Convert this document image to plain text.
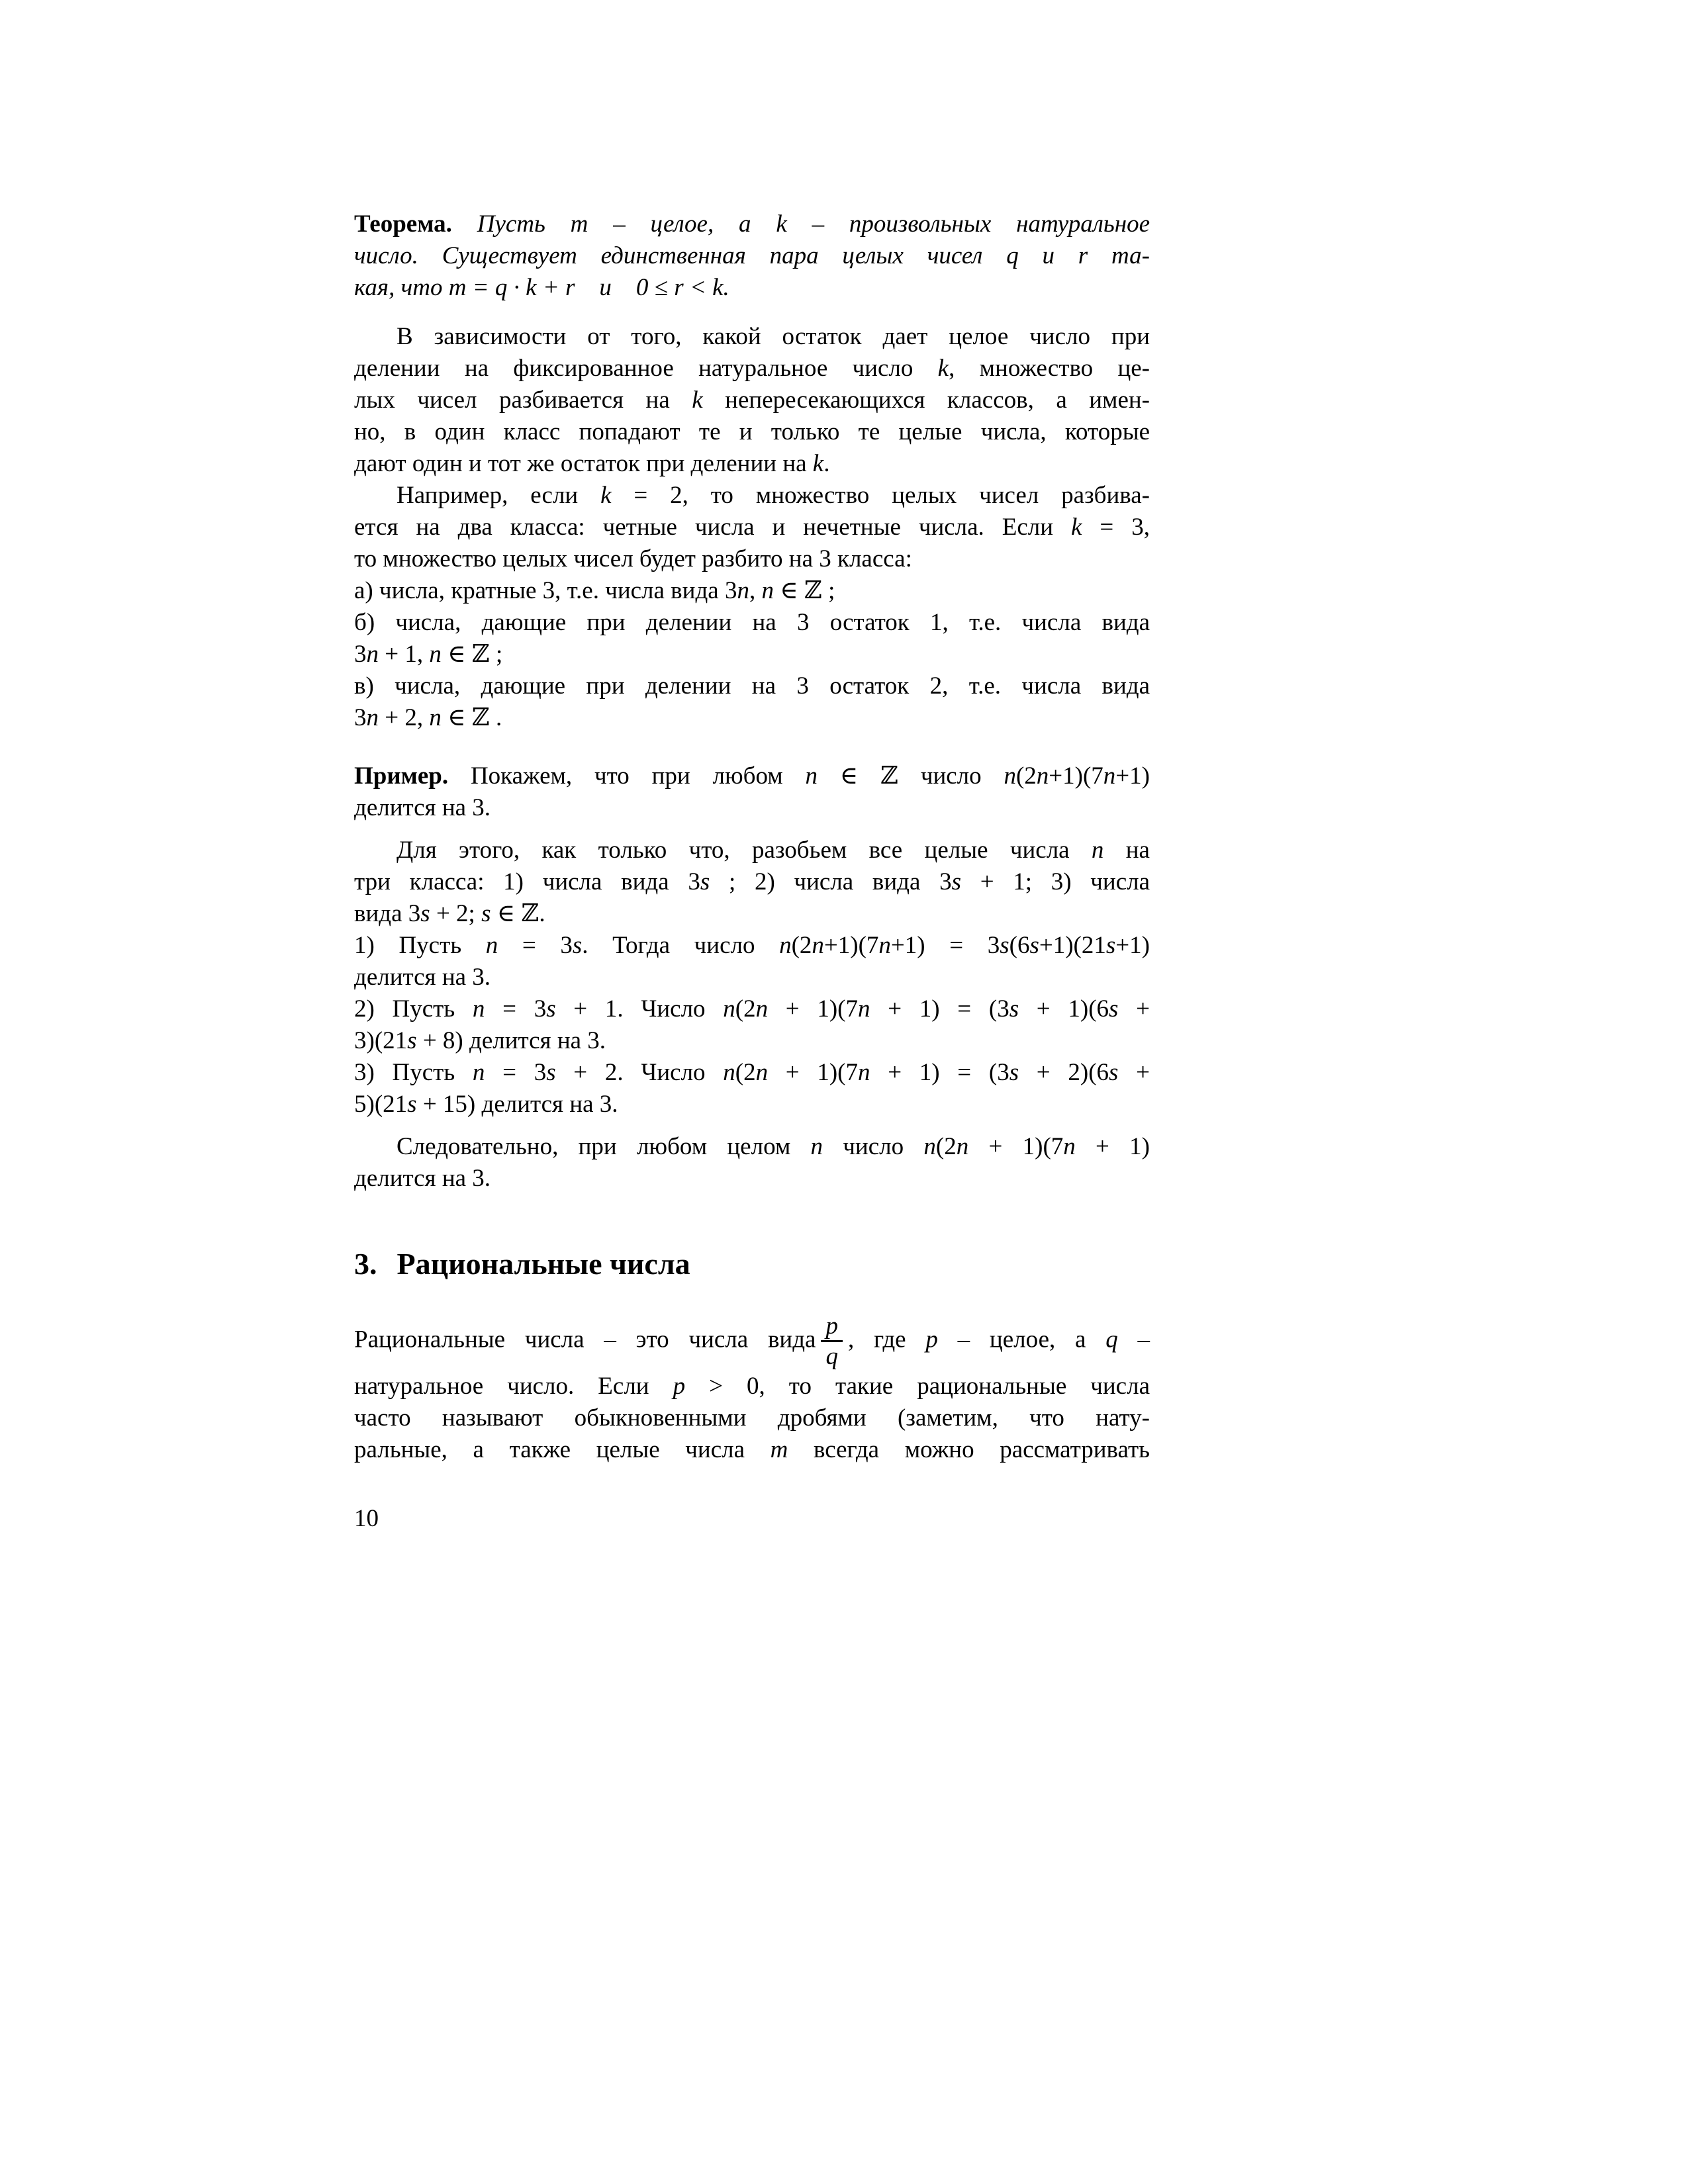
Теорема. Пусть m – целое, а k – произвольных натуральное
число. Существует единственная пара целых чисел q и r та-
кая, что m = q · k + r и 0 ≤ r < k.
В зависимости от того, какой остаток дает целое число при
делении на фиксированное натуральное число k, множество це-
лых чисел разбивается на k непересекающихся классов, а имен-
но, в один класс попадают те и только те целые числа, которые
дают один и тот же остаток при делении на k.
Например, если k = 2, то множество целых чисел разбива-
ется на два класса: четные числа и нечетные числа. Если k = 3,
то множество целых чисел будет разбито на 3 класса:
а) числа, кратные 3, т.е. числа вида 3n, n ∈ ℤ ;
б) числа, дающие при делении на 3 остаток 1, т.е. числа вида
3n + 1, n ∈ ℤ ;
в) числа, дающие при делении на 3 остаток 2, т.е. числа вида
3n + 2, n ∈ ℤ .
Пример. Покажем, что при любом n ∈ ℤ число n(2n+1)(7n+1)
делится на 3.
Для этого, как только что, разобьем все целые числа n на
три класса: 1) числа вида 3s ; 2) числа вида 3s + 1; 3) числа
вида 3s + 2; s ∈ ℤ.
1) Пусть n = 3s. Тогда число n(2n+1)(7n+1) = 3s(6s+1)(21s+1)
делится на 3.
2) Пусть n = 3s + 1. Число n(2n + 1)(7n + 1) = (3s + 1)(6s +
3)(21s + 8) делится на 3.
3) Пусть n = 3s + 2. Число n(2n + 1)(7n + 1) = (3s + 2)(6s +
5)(21s + 15) делится на 3.
Следовательно, при любом целом n число n(2n + 1)(7n + 1)
делится на 3.
3. Рациональные числа
Рациональные числа – это числа вида $\frac{p}{q}$ , где p – целое, а q –
натуральное число. Если p > 0, то такие рациональные числа
часто называют обыкновенными дробями (заметим, что нату-
ральные, а также целые числа m всегда можно рассматривать
10
